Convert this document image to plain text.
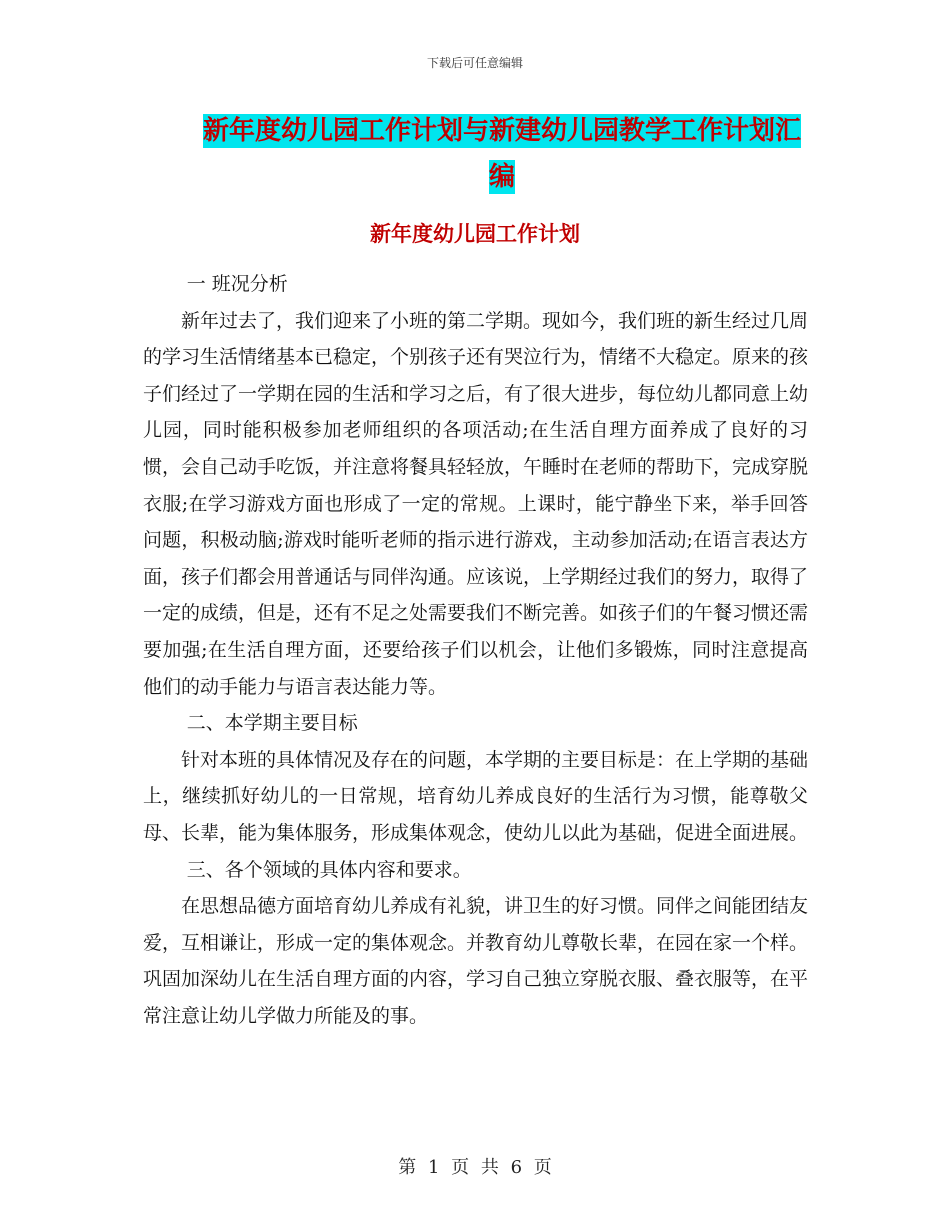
下载后可任意编辑
新年度幼儿园工作计划与新建幼儿园教学工作计划汇编
新年度幼儿园工作计划

一 班况分析

新年过去了，我们迎来了小班的第二学期。现如今，我们班的新生经过几周的学习生活情绪基本已稳定，个别孩子还有哭泣行为，情绪不大稳定。原来的孩子们经过了一学期在园的生活和学习之后，有了很大进步，每位幼儿都同意上幼儿园，同时能积极参加老师组织的各项活动;在生活自理方面养成了良好的习惯，会自己动手吃饭，并注意将餐具轻轻放，午睡时在老师的帮助下，完成穿脱衣服;在学习游戏方面也形成了一定的常规。上课时，能宁静坐下来，举手回答问题，积极动脑;游戏时能听老师的指示进行游戏，主动参加活动;在语言表达方面，孩子们都会用普通话与同伴沟通。应该说，上学期经过我们的努力，取得了一定的成绩，但是，还有不足之处需要我们不断完善。如孩子们的午餐习惯还需要加强;在生活自理方面，还要给孩子们以机会，让他们多锻炼，同时注意提高他们的动手能力与语言表达能力等。

二、本学期主要目标

针对本班的具体情况及存在的问题，本学期的主要目标是：在上学期的基础上，继续抓好幼儿的一日常规，培育幼儿养成良好的生活行为习惯，能尊敬父母、长辈，能为集体服务，形成集体观念，使幼儿以此为基础，促进全面进展。

三、各个领域的具体内容和要求。

在思想品德方面培育幼儿养成有礼貌，讲卫生的好习惯。同伴之间能团结友爱，互相谦让，形成一定的集体观念。并教育幼儿尊敬长辈，在园在家一个样。巩固加深幼儿在生活自理方面的内容，学习自己独立穿脱衣服、叠衣服等，在平常注意让幼儿学做力所能及的事。

第 1 页 共 6 页
